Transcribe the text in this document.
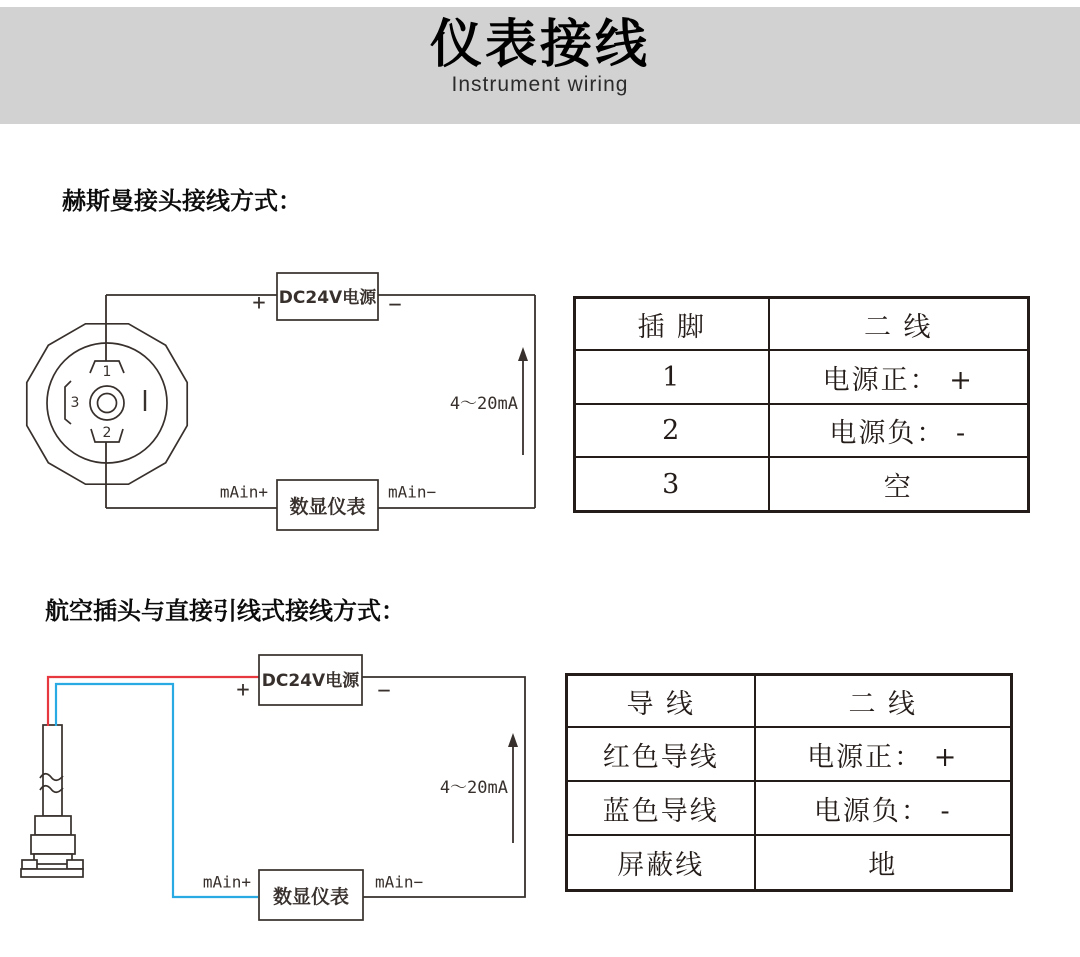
仪表接线
Instrument wiring
赫斯曼接头接线方式：
1
2
3	4～20mA
DC24V电源
+	−
数显仪表
mAin+	mAin−
插 脚	二 线
1	电源正： +
2	电源负： -
3	空
航空插头与直接引线式接线方式：
4～20mA
DC24V电源
+	−
数显仪表
mAin+	mAin−
导 线	二 线
红色导线	电源正： +
蓝色导线	电源负： -
屏蔽线	地
